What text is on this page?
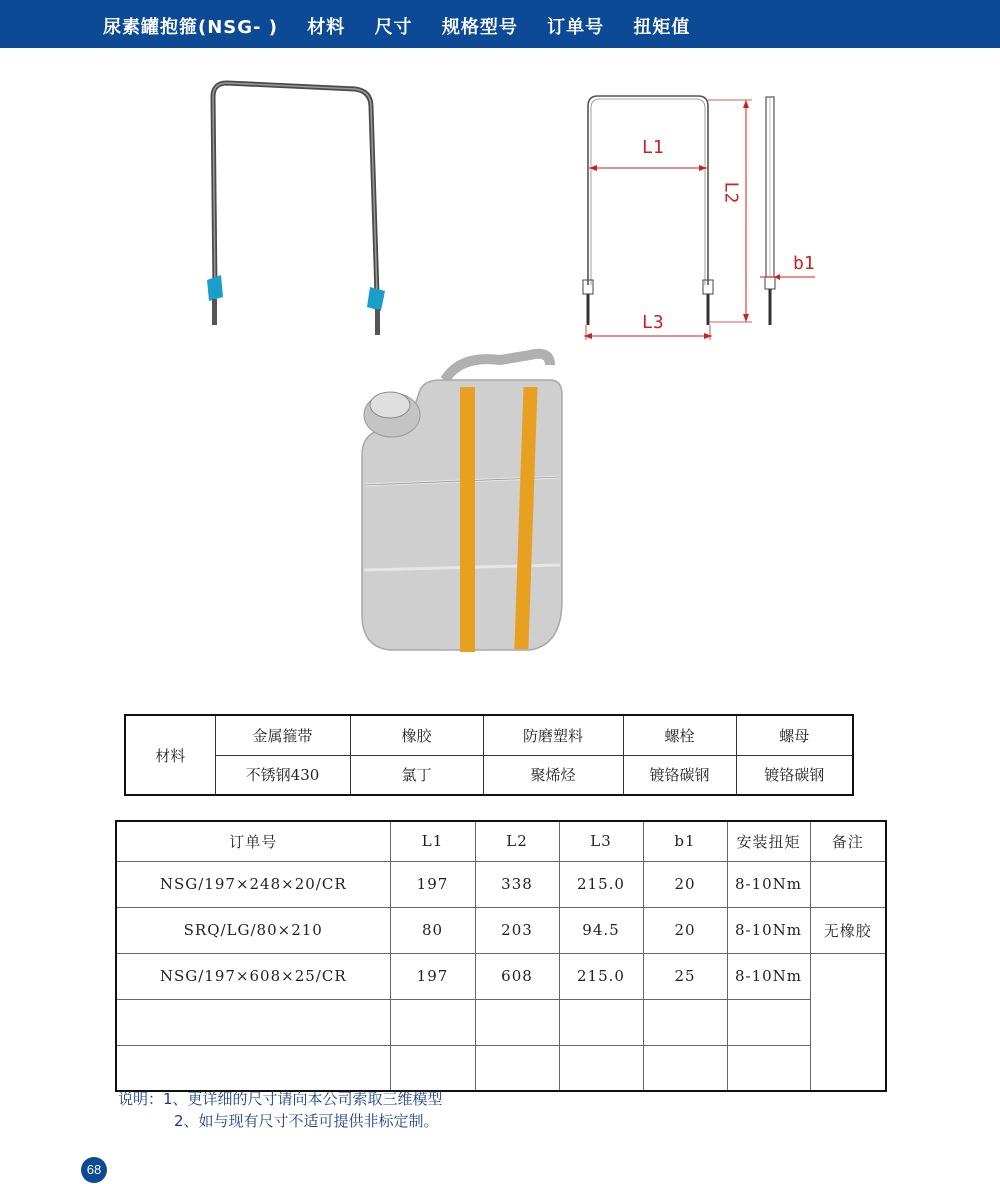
尿素罐抱箍(NSG- ) 材料 尺寸 规格型号 订单号 扭矩值
L1
L3
L2
b1
材料	金属箍带	橡胶	防磨塑料	螺栓	螺母
	不锈钢430	氯丁	聚烯烃	镀铬碳钢	镀铬碳钢
订单号	L1	L2	L3	b1	安装扭矩	备注
NSG/197×248×20/CR	197	338	215.0	20	8-10Nm	
SRQ/LG/80×210	80	203	94.5	20	8-10Nm	无橡胶
NSG/197×608×25/CR	197	608	215.0	25	8-10Nm	

说明：1、更详细的尺寸请向本公司索取三维模型
2、如与现有尺寸不适可提供非标定制。
68
